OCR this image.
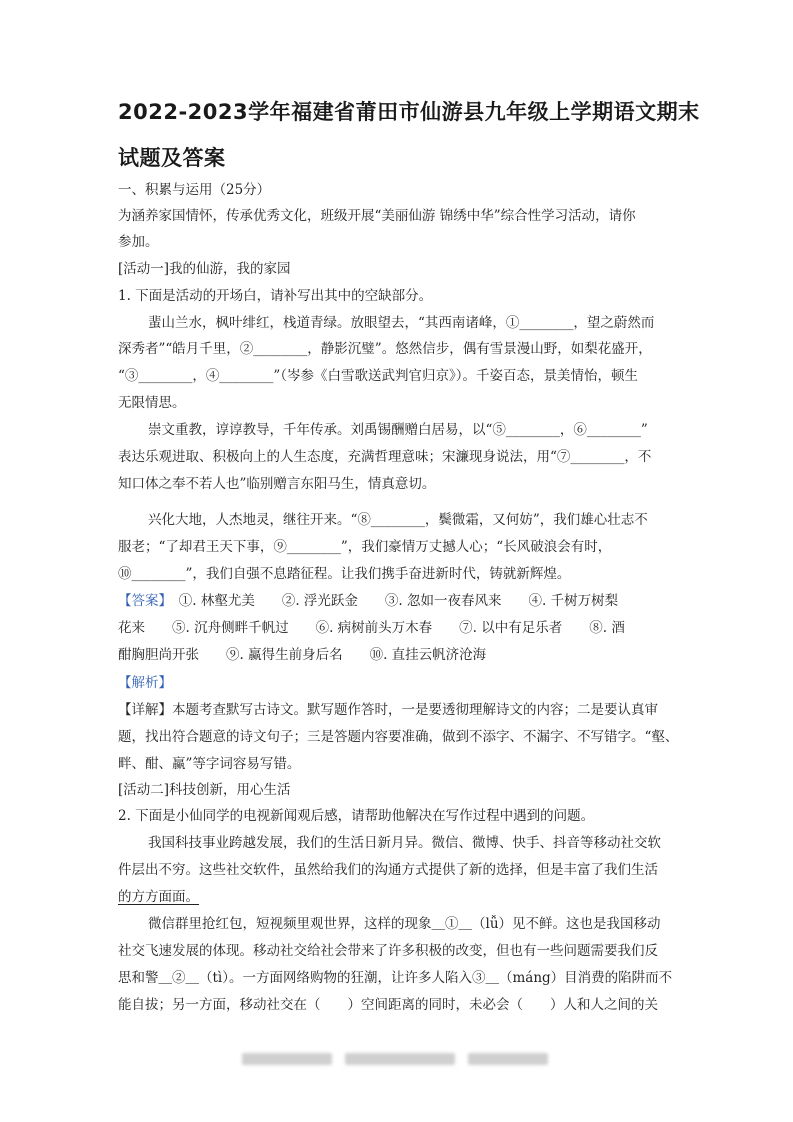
2022-2023学年福建省莆田市仙游县九年级上学期语文期末
试题及答案
一、积累与运用（25分）
为涵养家国情怀，传承优秀文化，班级开展“美丽仙游 锦绣中华”综合性学习活动，请你
参加。
[活动一]我的仙游，我的家园
1. 下面是活动的开场白，请补写出其中的空缺部分。
蜚山兰水，枫叶绯红，栈道青绿。放眼望去，“其西南诸峰，①________，望之蔚然而
深秀者”“皓月千里，②________，静影沉璧”。悠然信步，偶有雪景漫山野，如梨花盛开，
“③________，④________”（岑参《白雪歌送武判官归京》）。千姿百态，景美情怡，顿生
无限情思。
崇文重教，谆谆教导，千年传承。刘禹锡酬赠白居易，以“⑤________，⑥________”
表达乐观进取、积极向上的人生态度，充满哲理意味；宋濂现身说法，用“⑦________，不
知口体之奉不若人也”临别赠言东阳马生，情真意切。
兴化大地，人杰地灵，继往开来。“⑧________，鬓微霜，又何妨”，我们雄心壮志不
服老；“了却君王天下事，⑨________”，我们豪情万丈撼人心；“长风破浪会有时，
⑩________”，我们自强不息踏征程。让我们携手奋进新时代，铸就新辉煌。
【答案】　①. 林壑尤美　　②. 浮光跃金　　③. 忽如一夜春风来　　④. 千树万树梨
花来　　⑤. 沉舟侧畔千帆过　　⑥. 病树前头万木春　　⑦. 以中有足乐者　　⑧. 酒
酣胸胆尚开张　　⑨. 赢得生前身后名　　⑩. 直挂云帆济沧海
【解析】
【详解】本题考查默写古诗文。默写题作答时，一是要透彻理解诗文的内容；二是要认真审
题，找出符合题意的诗文句子；三是答题内容要准确，做到不添字、不漏字、不写错字。“壑、
畔、酣、赢”等字词容易写错。
[活动二]科技创新，用心生活
2. 下面是小仙同学的电视新闻观后感，请帮助他解决在写作过程中遇到的问题。
我国科技事业跨越发展，我们的生活日新月异。微信、微博、快手、抖音等移动社交软
件层出不穷。这些社交软件，虽然给我们的沟通方式提供了新的选择，但是丰富了我们生活
的方方面面。
微信群里抢红包，短视频里观世界，这样的现象＿①＿（lǚ）见不鲜。这也是我国移动
社交飞速发展的体现。移动社交给社会带来了许多积极的改变，但也有一些问题需要我们反
思和警＿②＿（tì）。一方面网络购物的狂潮，让许多人陷入③＿（máng）目消费的陷阱而不
能自拔；另一方面，移动社交在（　　）空间距离的同时，未必会（　　）人和人之间的关
